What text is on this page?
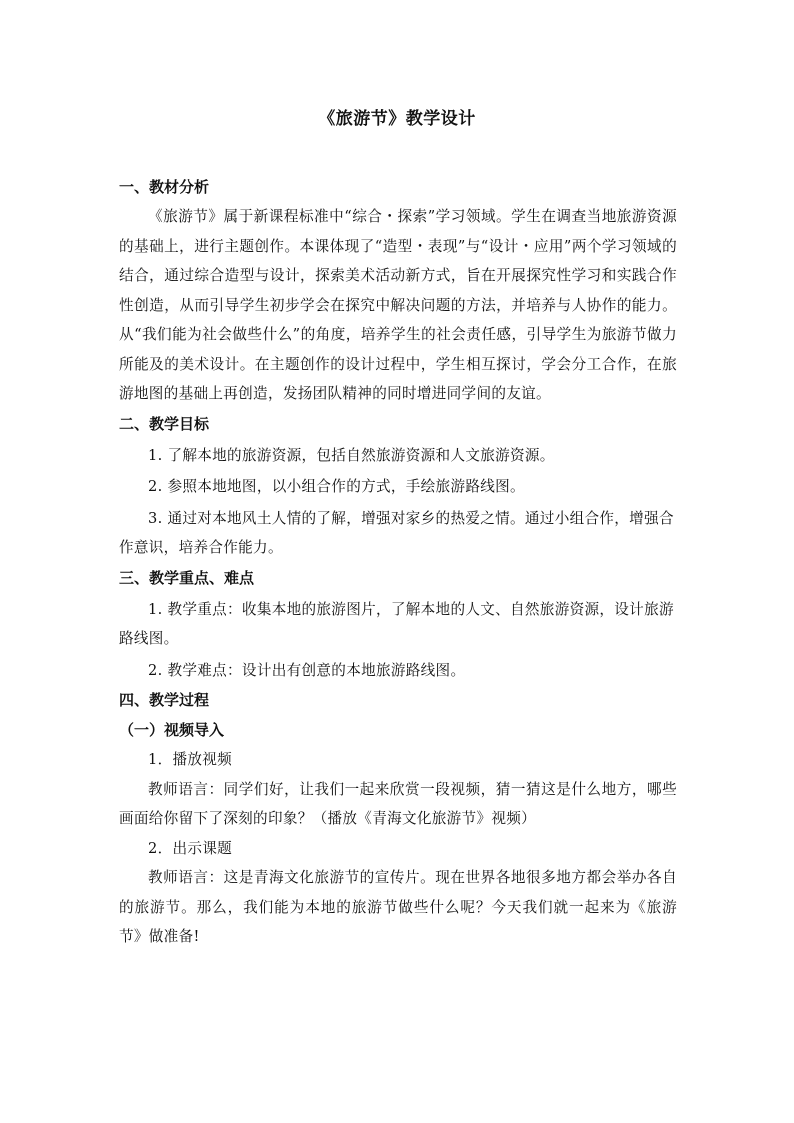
《旅游节》教学设计

一、教材分析

《旅游节》属于新课程标准中“综合・探索”学习领域。学生在调查当地旅游资源的基础上，进行主题创作。本课体现了“造型・表现”与“设计・应用”两个学习领域的结合，通过综合造型与设计，探索美术活动新方式，旨在开展探究性学习和实践合作性创造，从而引导学生初步学会在探究中解决问题的方法，并培养与人协作的能力。从“我们能为社会做些什么”的角度，培养学生的社会责任感，引导学生为旅游节做力所能及的美术设计。在主题创作的设计过程中，学生相互探讨，学会分工合作，在旅游地图的基础上再创造，发扬团队精神的同时增进同学间的友谊。

二、教学目标

1. 了解本地的旅游资源，包括自然旅游资源和人文旅游资源。

2. 参照本地地图，以小组合作的方式，手绘旅游路线图。

3. 通过对本地风土人情的了解，增强对家乡的热爱之情。通过小组合作，增强合作意识，培养合作能力。

三、教学重点、难点

1. 教学重点：收集本地的旅游图片，了解本地的人文、自然旅游资源，设计旅游路线图。

2. 教学难点：设计出有创意的本地旅游路线图。

四、教学过程

（一）视频导入

1．播放视频

教师语言：同学们好，让我们一起来欣赏一段视频，猜一猜这是什么地方，哪些画面给你留下了深刻的印象？（播放《青海文化旅游节》视频）

2．出示课题

教师语言：这是青海文化旅游节的宣传片。现在世界各地很多地方都会举办各自的旅游节。那么，我们能为本地的旅游节做些什么呢？今天我们就一起来为《旅游节》做准备!
